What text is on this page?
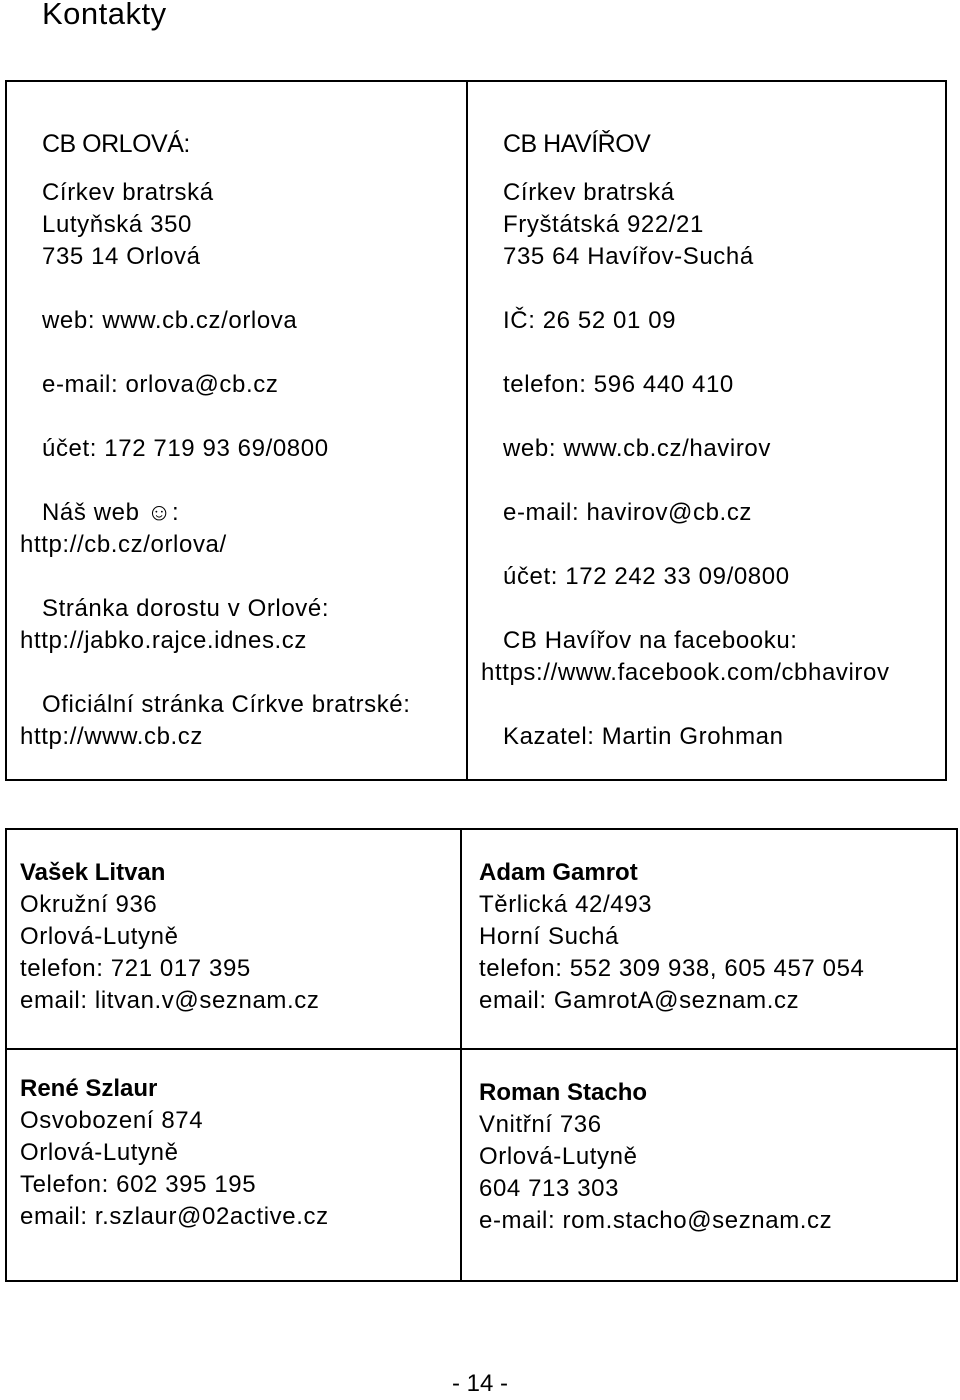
Kontakty
CB ORLOVÁ:
Církev bratrská
Lutyňská 350
735 14 Orlová
web: www.cb.cz/orlova
e-mail: orlova@cb.cz
účet: 172 719 93 69/0800
Náš web ☺:
http://cb.cz/orlova/
Stránka dorostu v Orlové:
http://jabko.rajce.idnes.cz
Oficiální stránka Církve bratrské:
http://www.cb.cz
CB HAVÍŘOV
Církev bratrská
Fryštátská 922/21
735 64 Havířov-Suchá
IČ: 26 52 01 09
telefon: 596 440 410
web: www.cb.cz/havirov
e-mail: havirov@cb.cz
účet: 172 242 33 09/0800
CB Havířov na facebooku:
https://www.facebook.com/cbhavirov
Kazatel: Martin Grohman
Vašek Litvan
Okružní 936
Orlová-Lutyně
telefon: 721 017 395
email: litvan.v@seznam.cz
Adam Gamrot
Těrlická 42/493
Horní Suchá
telefon: 552 309 938, 605 457 054
email: GamrotA@seznam.cz
René Szlaur
Osvobození 874
Orlová-Lutyně
Telefon: 602 395 195
email: r.szlaur@02active.cz
Roman Stacho
Vnitřní 736
Orlová-Lutyně
604 713 303
e-mail: rom.stacho@seznam.cz
- 14 -
